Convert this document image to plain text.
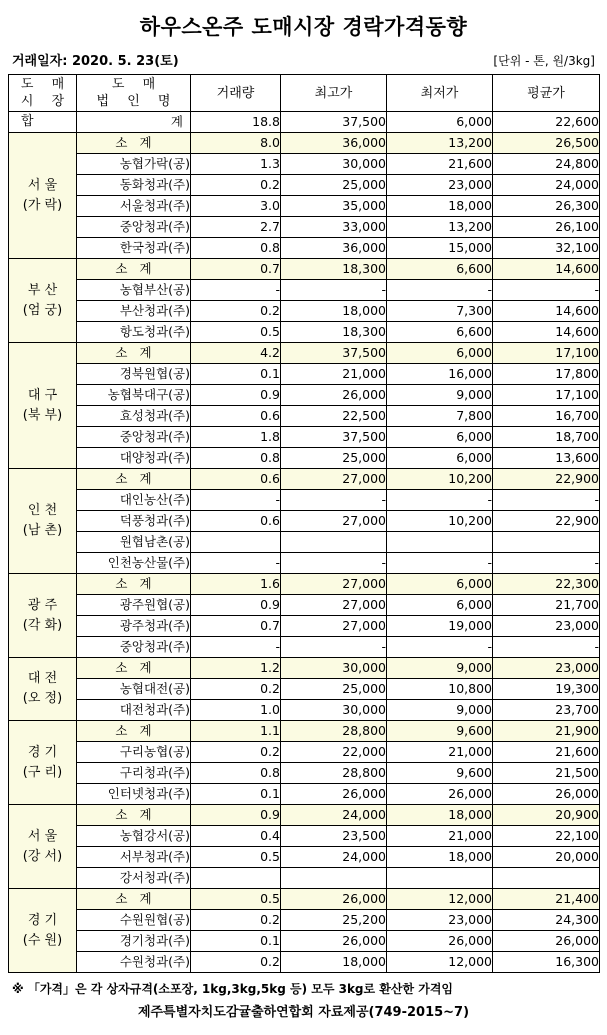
하우스온주 도매시장 경락가격동향
거래일자: 2020. 5. 23(토)	[단위 - 톤, 원/3kg]
도 매
시 장	도 매
법 인 명	거래량	최고가	최저가	평균가
합	계	18.8	37,500	6,000	22,600

서 울
(가 락)	소계	8.0	36,000	13,200	26,500
	농협가락(공)	1.3	30,000	21,600	24,800
	동화청과(주)	0.2	25,000	23,000	24,000
	서울청과(주)	3.0	35,000	18,000	26,300
	중앙청과(주)	2.7	33,000	13,200	26,100
	한국청과(주)	0.8	36,000	15,000	32,100

부 산
(엄 궁)	소계	0.7	18,300	6,600	14,600
	농협부산(공)	-	-	-	-
	부산청과(주)	0.2	18,000	7,300	14,600
	항도청과(주)	0.5	18,300	6,600	14,600

대 구
(북 부)	소계	4.2	37,500	6,000	17,100
	경북원협(공)	0.1	21,000	16,000	17,800
	농협북대구(공)	0.9	26,000	9,000	17,100
	효성청과(주)	0.6	22,500	7,800	16,700
	중앙청과(주)	1.8	37,500	6,000	18,700
	대양청과(주)	0.8	25,000	6,000	13,600

인 천
(남 촌)	소계	0.6	27,000	10,200	22,900
	대인농산(주)	-	-	-	-
	덕풍청과(주)	0.6	27,000	10,200	22,900
	원협남촌(공)				
	인천농산물(주)	-	-	-	-

광 주
(각 화)	소계	1.6	27,000	6,000	22,300
	광주원협(공)	0.9	27,000	6,000	21,700
	광주청과(주)	0.7	27,000	19,000	23,000
	중앙청과(주)	-	-	-	-

대 전
(오 정)	소계	1.2	30,000	9,000	23,000
	농협대전(공)	0.2	25,000	10,800	19,300
	대전청과(주)	1.0	30,000	9,000	23,700

경 기
(구 리)	소계	1.1	28,800	9,600	21,900
	구리농협(공)	0.2	22,000	21,000	21,600
	구리청과(주)	0.8	28,800	9,600	21,500
	인터넷청과(주)	0.1	26,000	26,000	26,000

서 울
(강 서)	소계	0.9	24,000	18,000	20,900
	농협강서(공)	0.4	23,500	21,000	22,100
	서부청과(주)	0.5	24,000	18,000	20,000
	강서청과(주)				

경 기
(수 원)	소계	0.5	26,000	12,000	21,400
	수원원협(공)	0.2	25,200	23,000	24,300
	경기청과(주)	0.1	26,000	26,000	26,000
	수원청과(주)	0.2	18,000	12,000	16,300
※ 「가격」은 각 상자규격(소포장, 1kg,3kg,5kg 등) 모두 3kg로 환산한 가격임
제주특별자치도감귤출하연합회 자료제공(749-2015~7)
